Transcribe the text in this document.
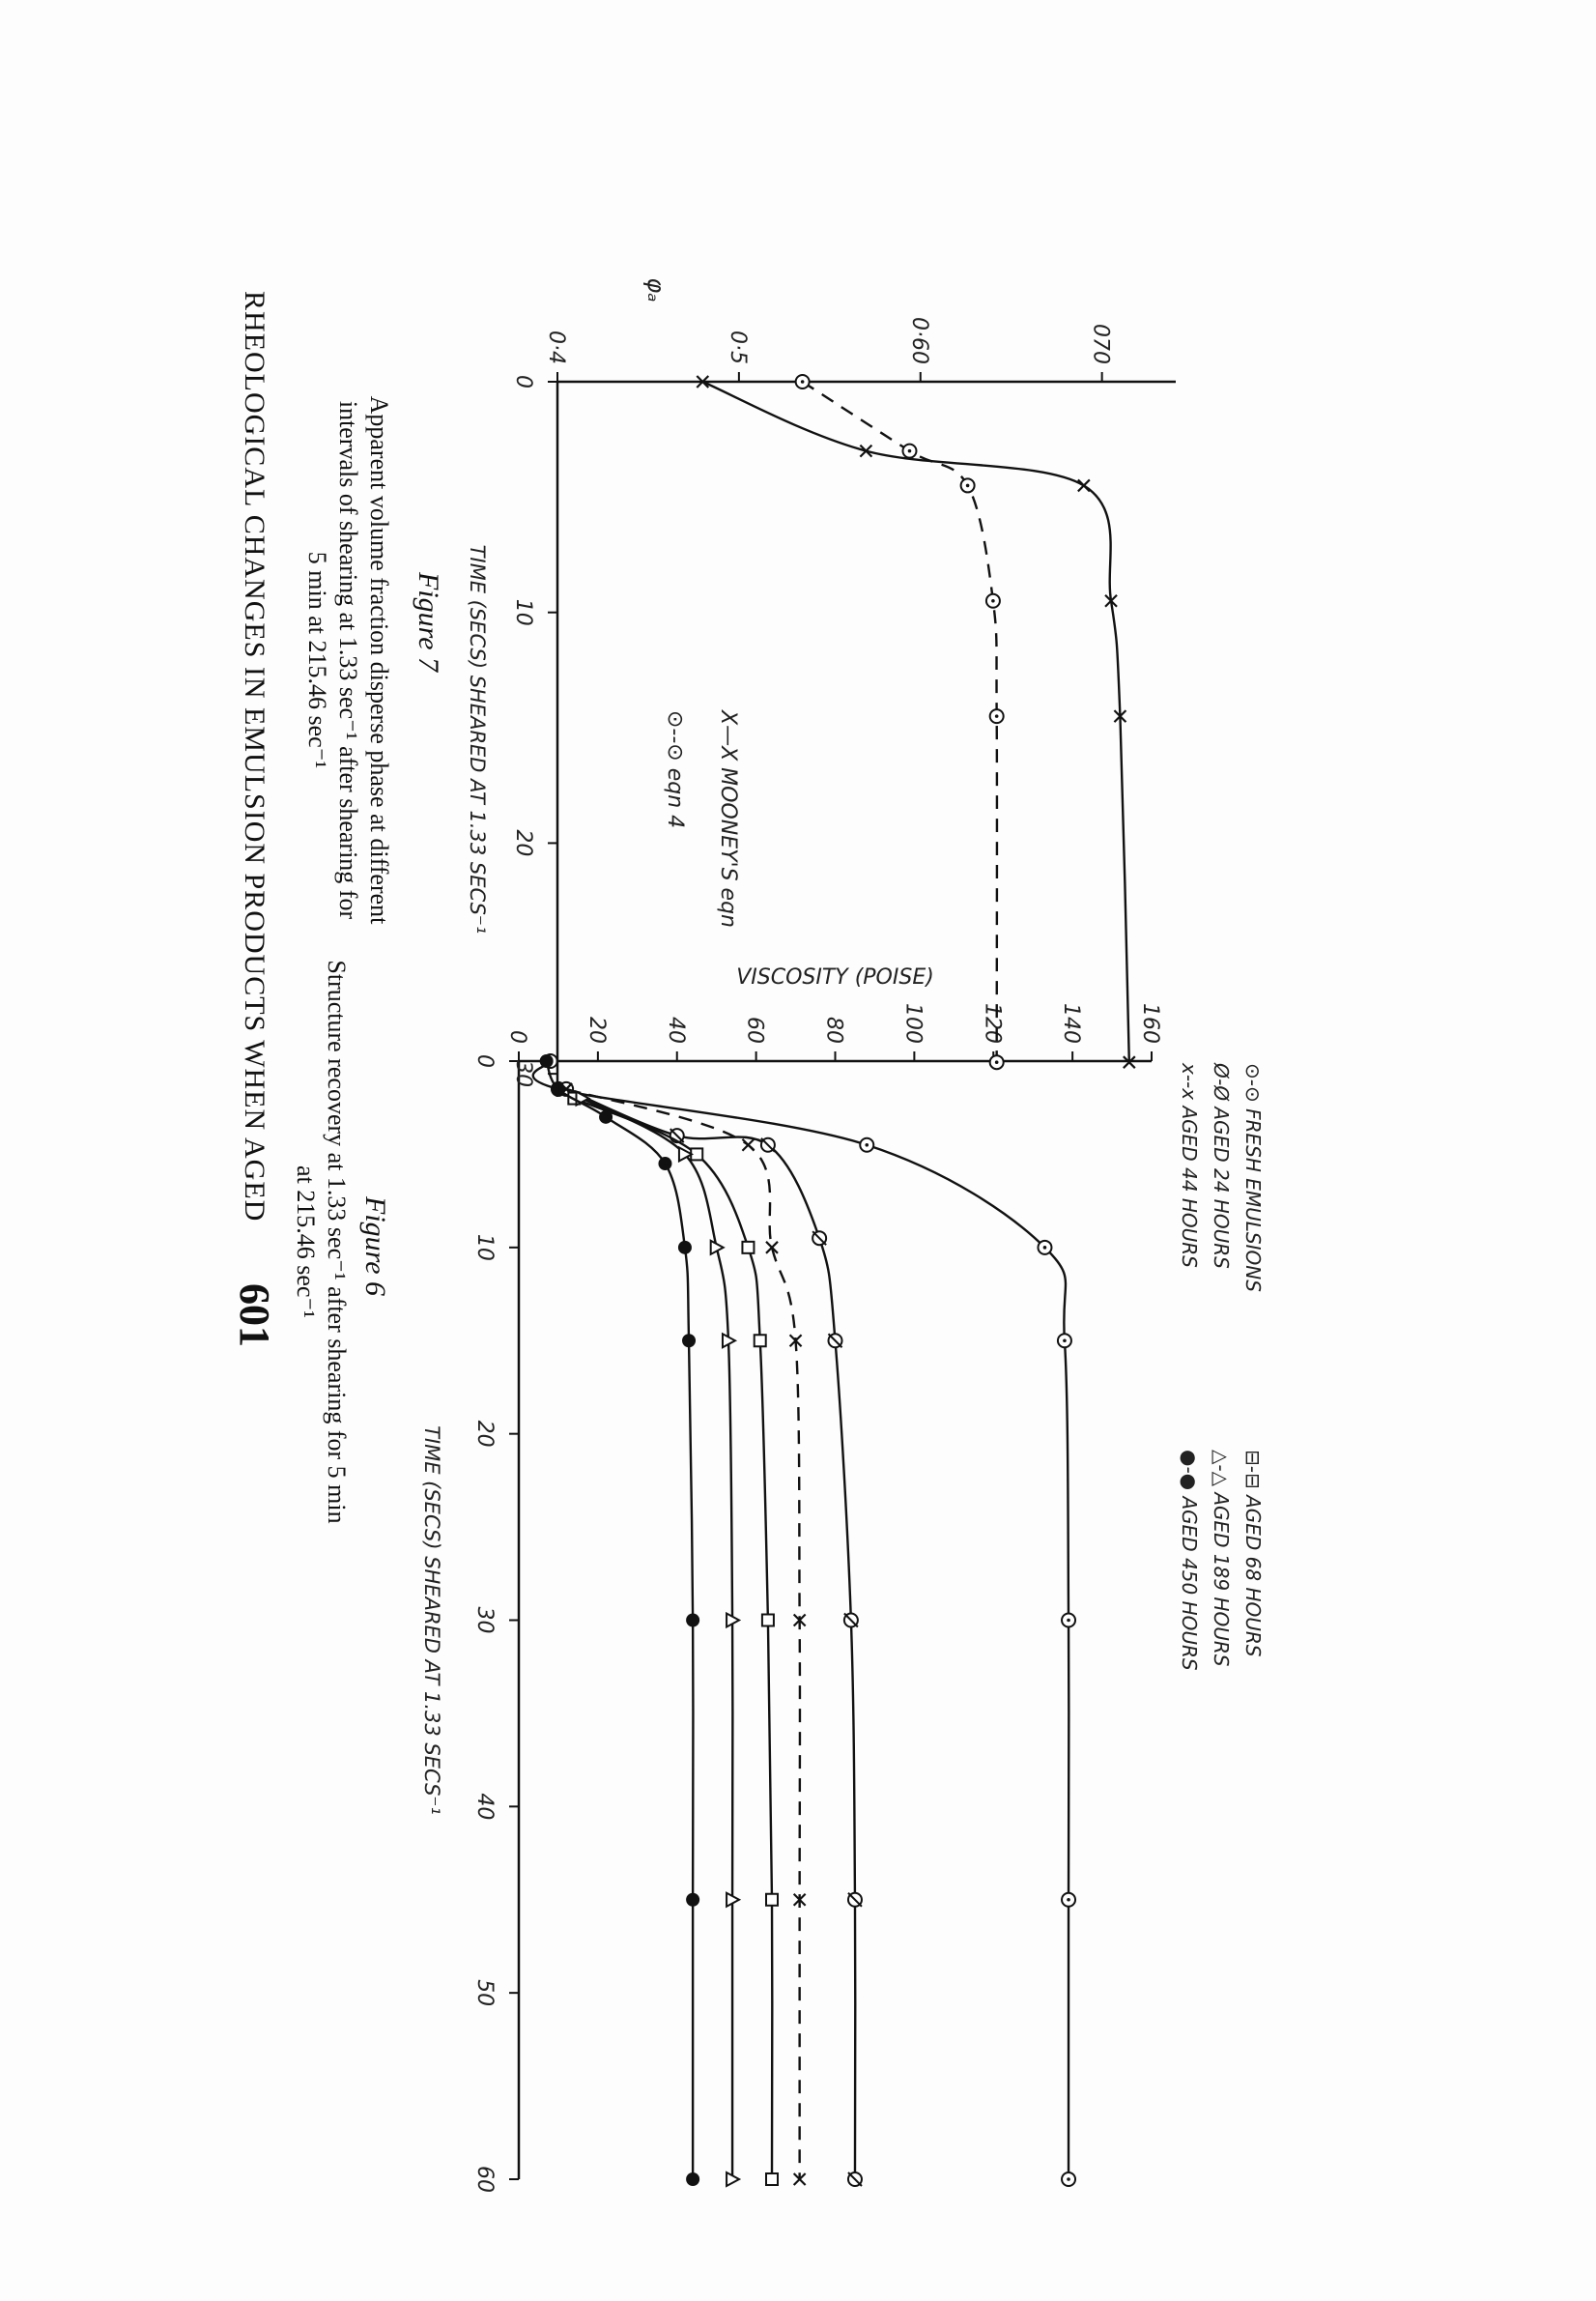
RHEOLOGICAL CHANGES IN EMULSION PRODUCTS WHEN AGED
601
0
10
20
30
40
50
60
0	20	40	60	80	100	120	140	160
⊙-⊙ FRESH EMULSIONS
Ø-Ø AGED 24 HOURS
x--x AGED 44 HOURS
⊟-⊟ AGED 68 HOURS
△-△ AGED 189 HOURS
●-● AGED 450 HOURS
TIME (SECS) SHEARED AT 1.33 SECS⁻¹
VISCOSITY (POISE)
Figure 6
Structure recovery at 1.33 sec⁻¹ after shearing for 5 min
at 215.46 sec⁻¹
0
10
20
30
0·4	0·5	0·60	070
X—X MOONEY'S eqn
⊙--⊙ eqn 4
TIME (SECS) SHEARED AT 1.33 SECS⁻¹
φₐ
Figure 7
Apparent volume fraction disperse phase at different
intervals of shearing at 1.33 sec⁻¹ after shearing for
5 min at 215.46 sec⁻¹
